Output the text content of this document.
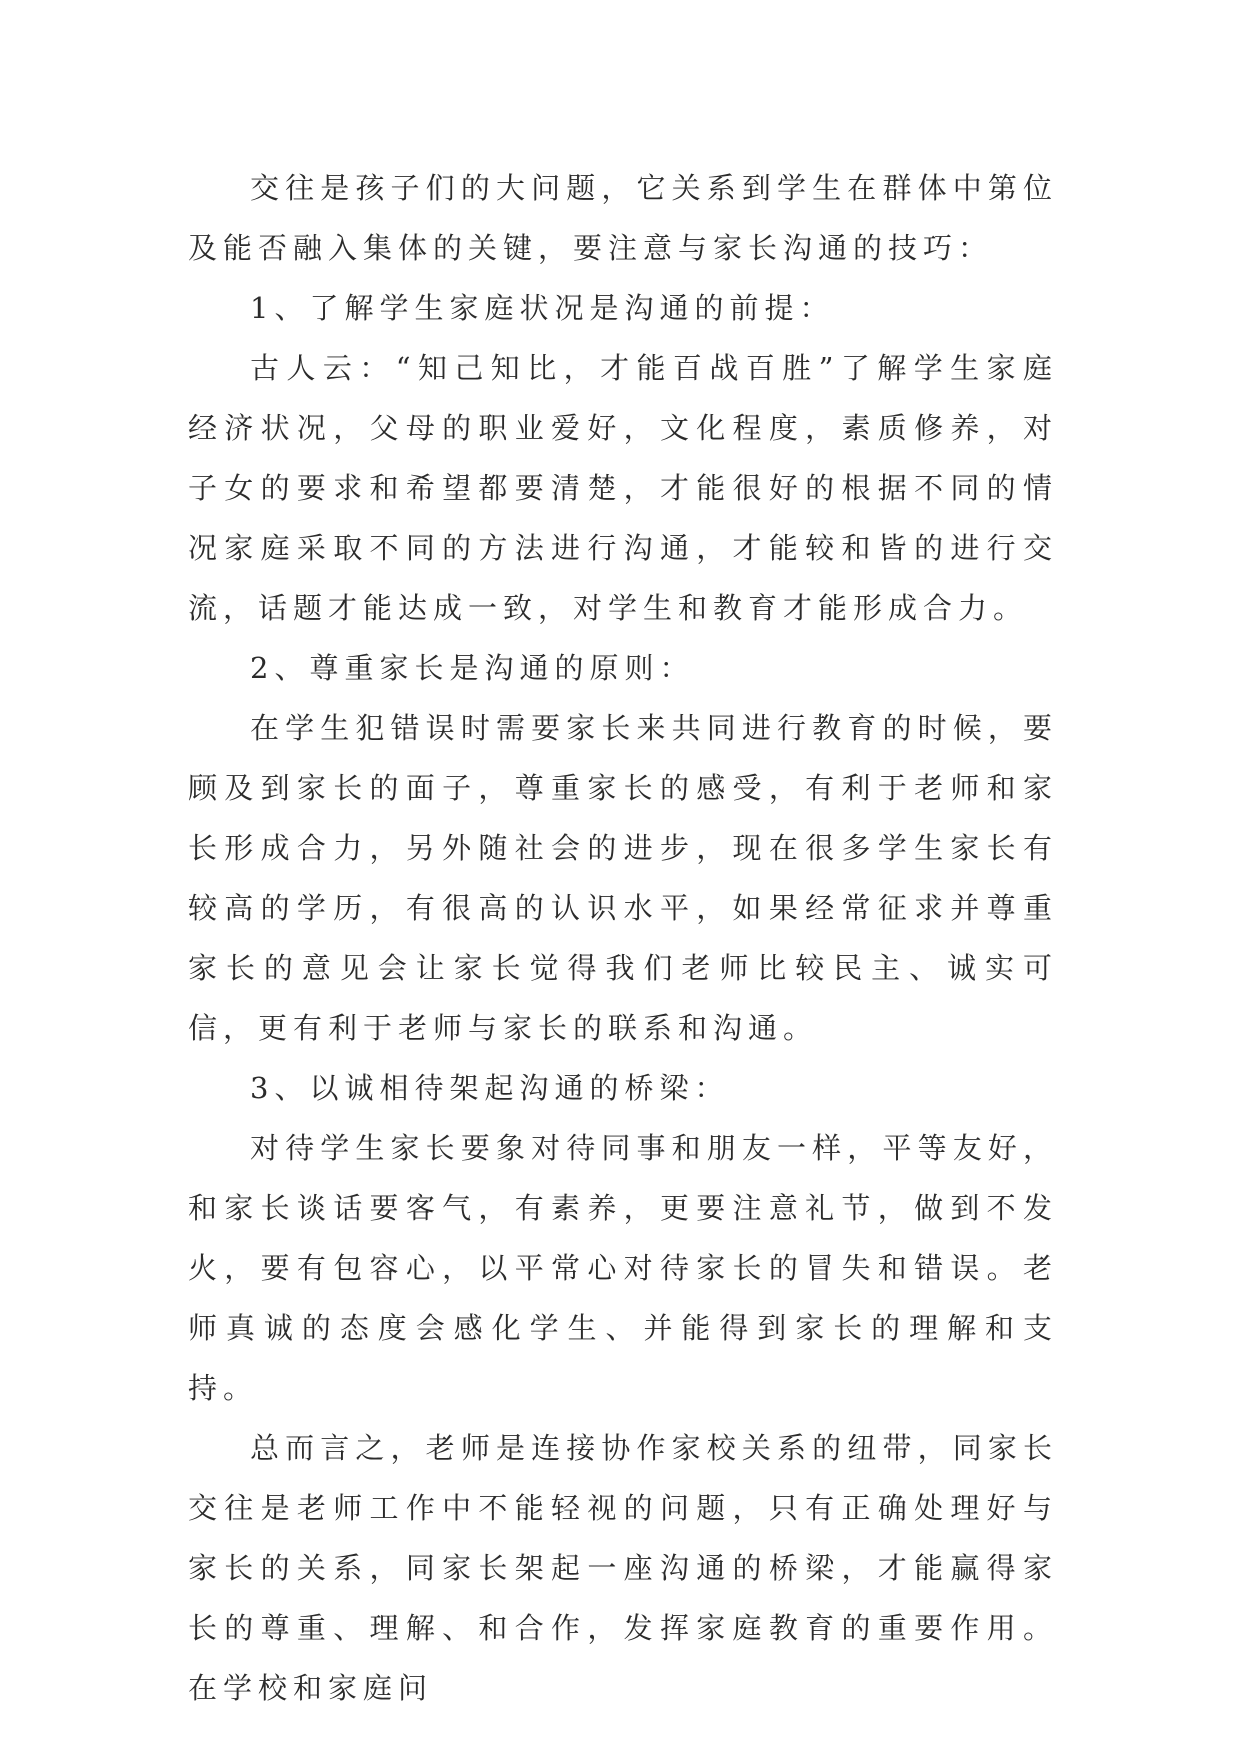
交往是孩子们的大问题，它关系到学生在群体中第位及能否融入集体的关键，要注意与家长沟通的技巧：

1、了解学生家庭状况是沟通的前提：

古人云：“知己知比，才能百战百胜”了解学生家庭经济状况，父母的职业爱好，文化程度，素质修养，对子女的要求和希望都要清楚，才能很好的根据不同的情况家庭采取不同的方法进行沟通，才能较和皆的进行交流，话题才能达成一致，对学生和教育才能形成合力。

2、尊重家长是沟通的原则：

在学生犯错误时需要家长来共同进行教育的时候，要顾及到家长的面子，尊重家长的感受，有利于老师和家长形成合力，另外随社会的进步，现在很多学生家长有较高的学历，有很高的认识水平，如果经常征求并尊重家长的意见会让家长觉得我们老师比较民主、诚实可信，更有利于老师与家长的联系和沟通。

3、以诚相待架起沟通的桥梁：

对待学生家长要象对待同事和朋友一样，平等友好，和家长谈话要客气，有素养，更要注意礼节，做到不发火，要有包容心，以平常心对待家长的冒失和错误。老师真诚的态度会感化学生、并能得到家长的理解和支持。

总而言之，老师是连接协作家校关系的纽带，同家长交往是老师工作中不能轻视的问题，只有正确处理好与家长的关系，同家长架起一座沟通的桥梁，才能赢得家长的尊重、理解、和合作，发挥家庭教育的重要作用。在学校和家庭问
